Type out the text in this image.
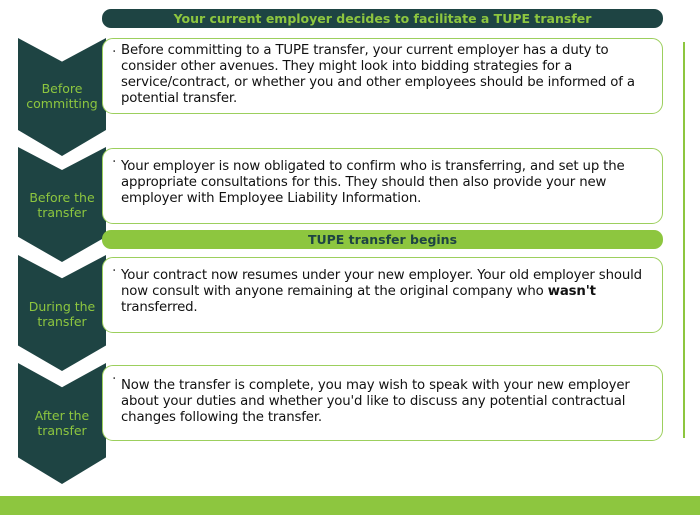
Your current employer decides to facilitate a TUPE transfer
Before
committing
· Before committing to a TUPE transfer, your current employer has a duty to consider other avenues. They might look into bidding strategies for a service/contract, or whether you and other employees should be informed of a potential transfer.
Before the
transfer
· Your employer is now obligated to confirm who is transferring, and set up the appropriate consultations for this. They should then also provide your new employer with Employee Liability Information.
TUPE transfer begins
During the
transfer
· Your contract now resumes under your new employer. Your old employer should now consult with anyone remaining at the original company who wasn't transferred.
After the
transfer
· Now the transfer is complete, you may wish to speak with your new employer about your duties and whether you'd like to discuss any potential contractual changes following the transfer.
